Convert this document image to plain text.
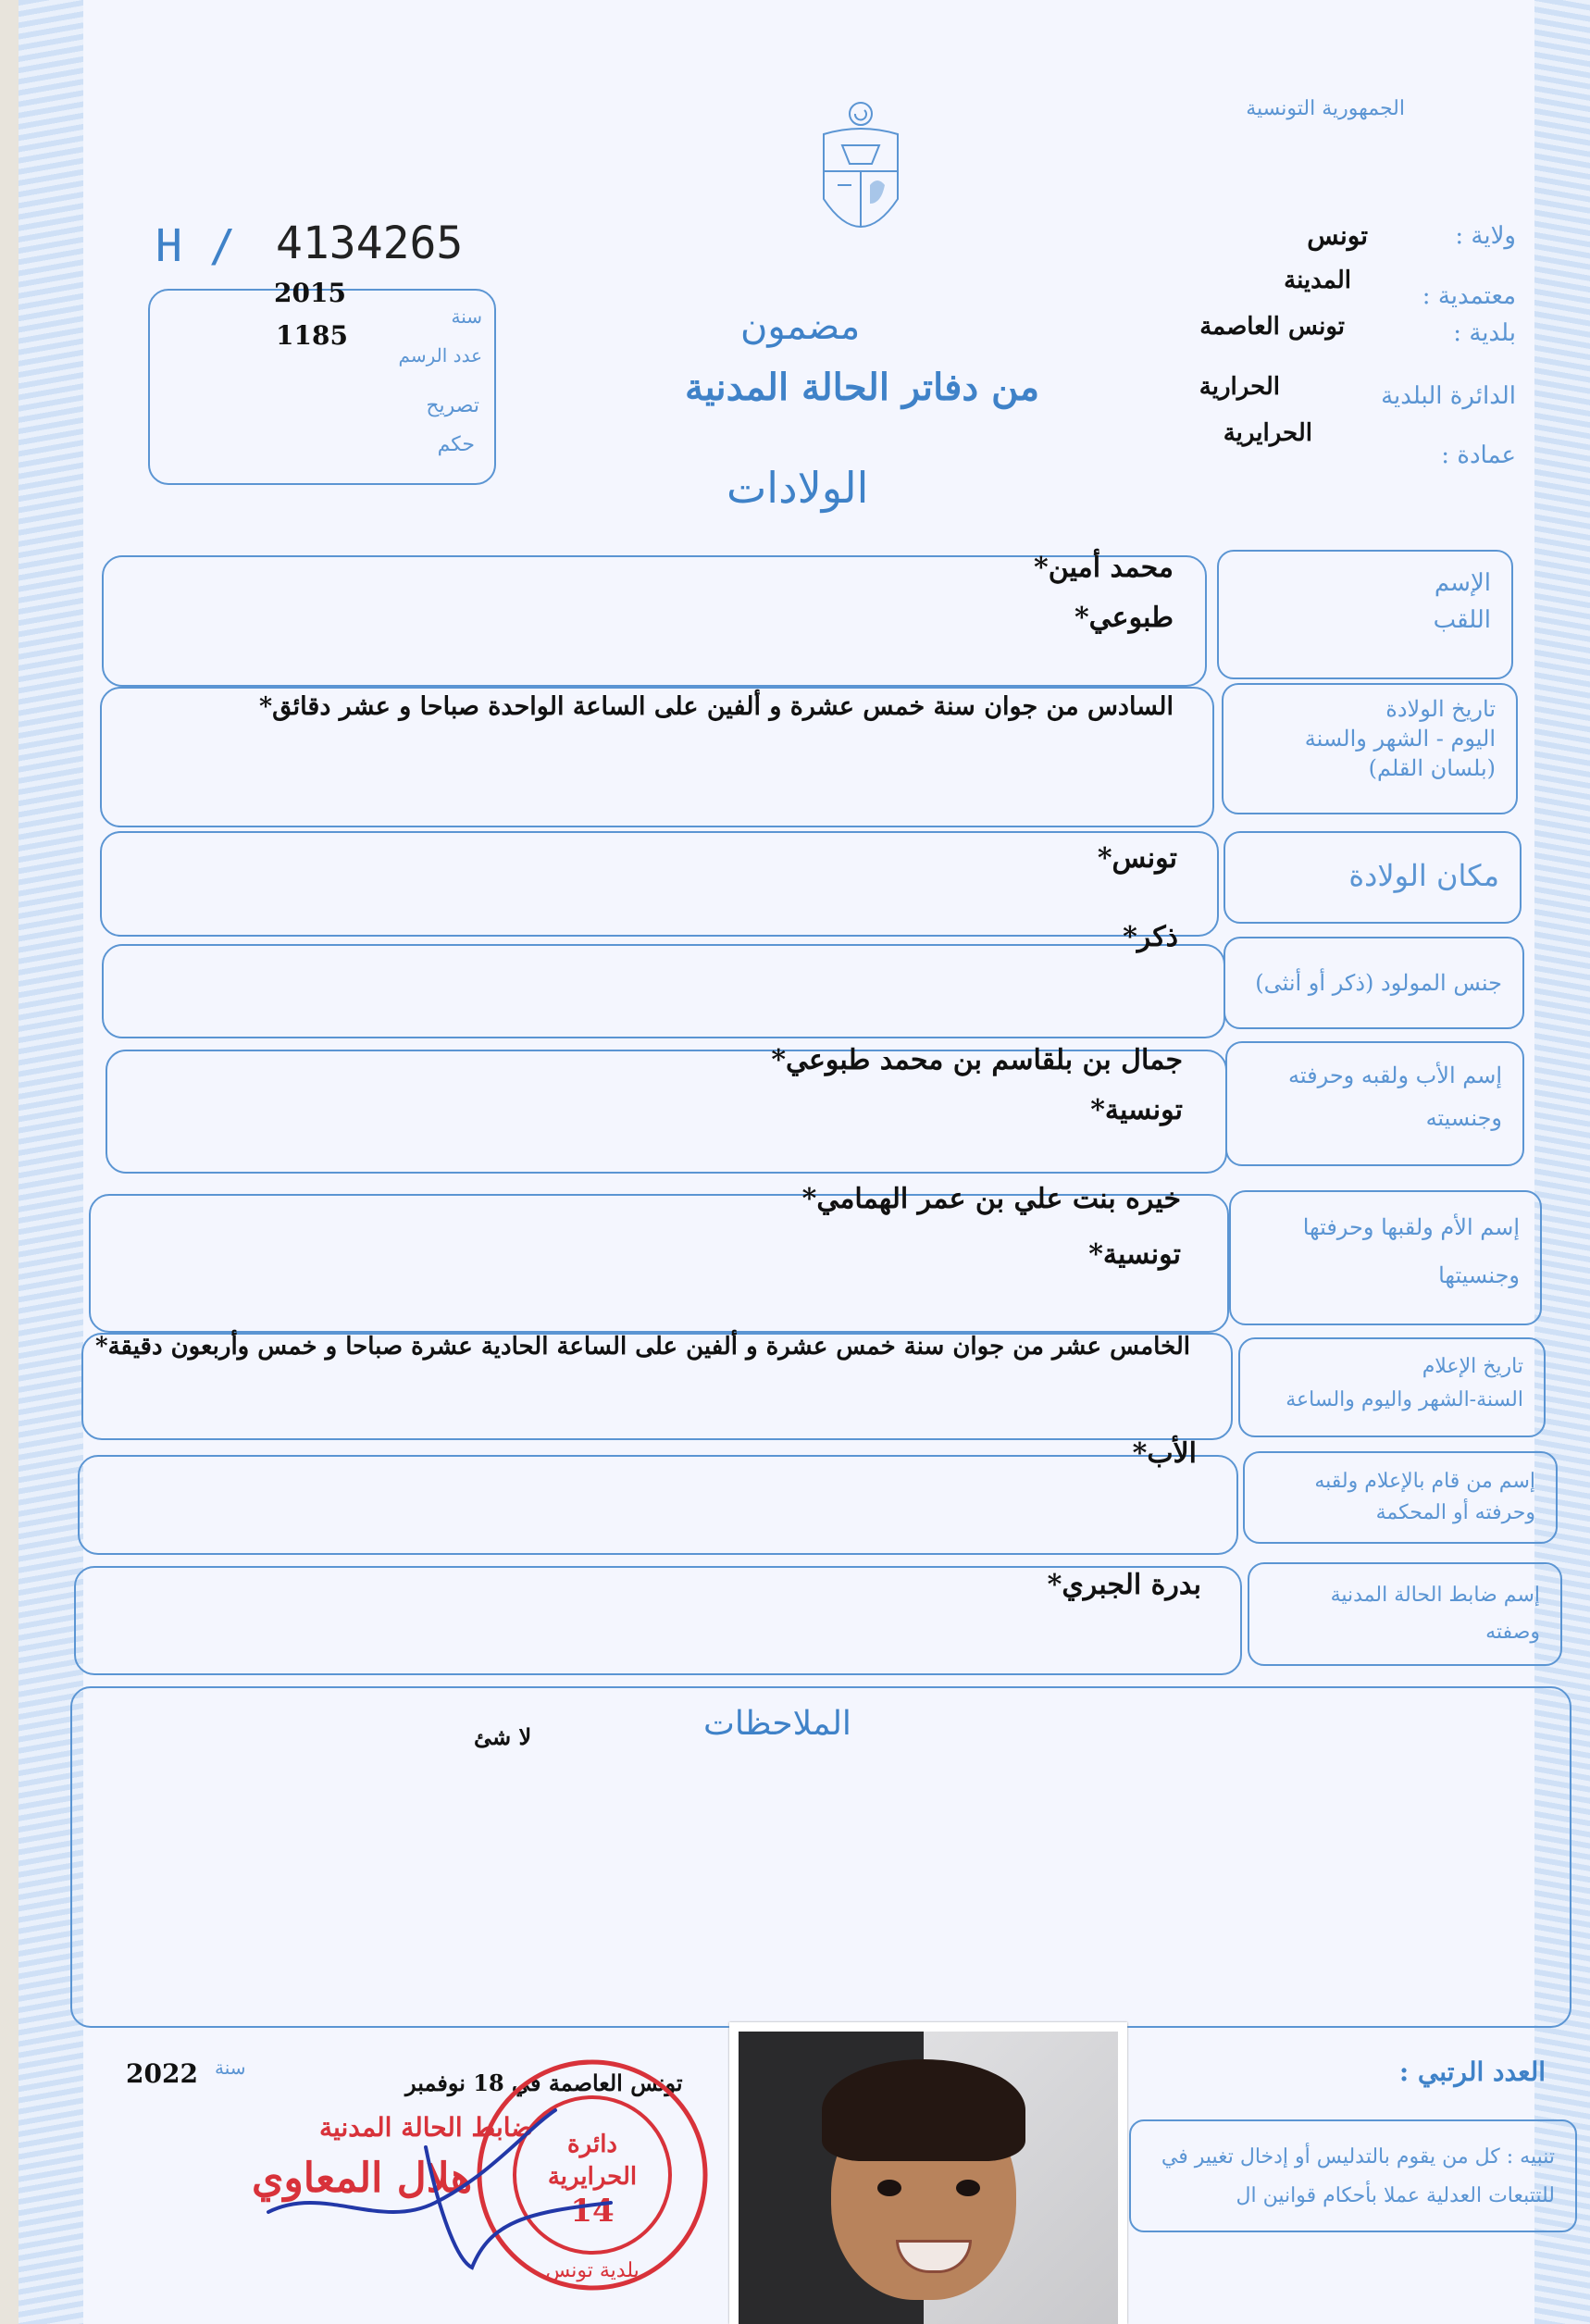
الجمهورية التونسية
H / 4134265
2015
1185
سنة
عدد الرسم
تصريح
حكم
مضمون
من دفاتر الحالة المدنية
الولادات
ولاية :
تونس
معتمدية :
المدينة
بلدية :
تونس العاصمة
الدائرة البلدية
الحرارية
عمادة :
الحرايرية
الإسم
اللقب
محمد أمين*
طبوعي*
تاريخ الولادة
اليوم - الشهر والسنة
(بلسان القلم)
السادس من جوان سنة خمس عشرة و ألفين على الساعة الواحدة صباحا و عشر دقائق*
مكان الولادة
تونس*
جنس المولود (ذكر أو أنثى)
ذكر*
إسم الأب ولقبه وحرفته
وجنسيته
جمال بن بلقاسم بن محمد طبوعي*
تونسية*
إسم الأم ولقبها وحرفتها
وجنسيتها
خيره بنت علي بن عمر الهمامي*
تونسية*
تاريخ الإعلام
السنة-الشهر واليوم والساعة
الخامس عشر من جوان سنة خمس عشرة و ألفين على الساعة الحادية عشرة صباحا و خمس وأربعون دقيقة*
إسم من قام بالإعلام ولقبه
وحرفته أو المحكمة
الأب*
إسم ضابط الحالة المدنية
وصفته
بدرة الجبري*
الملاحظات
لا شئ
سنة
2022	تونس العاصمة في 18 نوفمبر	العدد الرتبي :
تنبيه : كل من يقوم بالتدليس أو إدخال تغيير في
للتتبعات العدلية عملا بأحكام قوانين ال
دائرة
الحرايرية
14
بلدية تونس
ضابط الحالة المدنية
هلال المعاوي
